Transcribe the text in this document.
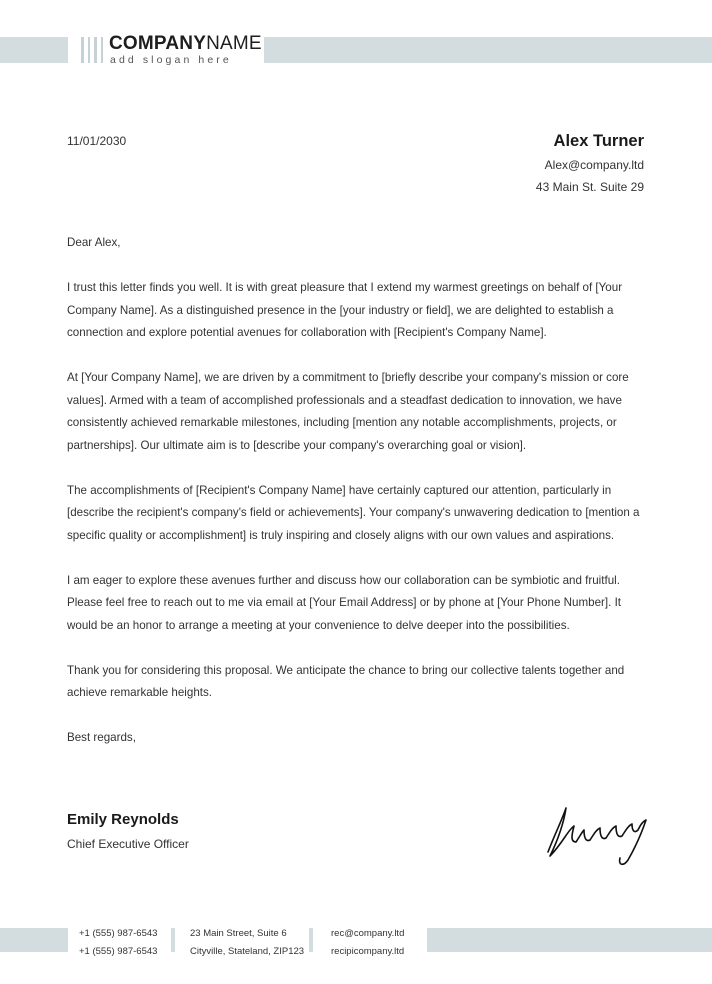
COMPANYNAME
add slogan here
11/01/2030	Alex Turner
Alex@company.ltd
43 Main St. Suite 29

Dear Alex,

I trust this letter finds you well. It is with great pleasure that I extend my warmest greetings on behalf of [Your Company Name]. As a distinguished presence in the [your industry or field], we are delighted to establish a connection and explore potential avenues for collaboration with [Recipient's Company Name].

At [Your Company Name], we are driven by a commitment to [briefly describe your company's mission or core values]. Armed with a team of accomplished professionals and a steadfast dedication to innovation, we have consistently achieved remarkable milestones, including [mention any notable accomplishments, projects, or partnerships]. Our ultimate aim is to [describe your company's overarching goal or vision].

The accomplishments of [Recipient's Company Name] have certainly captured our attention, particularly in [describe the recipient's company's field or achievements]. Your company's unwavering dedication to [mention a specific quality or accomplishment] is truly inspiring and closely aligns with our own values and aspirations.

I am eager to explore these avenues further and discuss how our collaboration can be symbiotic and fruitful. Please feel free to reach out to me via email at [Your Email Address] or by phone at [Your Phone Number]. It would be an honor to arrange a meeting at your convenience to delve deeper into the possibilities.

Thank you for considering this proposal. We anticipate the chance to bring our collective talents together and achieve remarkable heights.

Best regards,

Emily Reynolds
Chief Executive Officer
+1 (555) 987-6543
+1 (555) 987-6543
23 Main Street, Suite 6
Cityville, Stateland, ZIP123
rec@company.ltd
recipicompany.ltd
